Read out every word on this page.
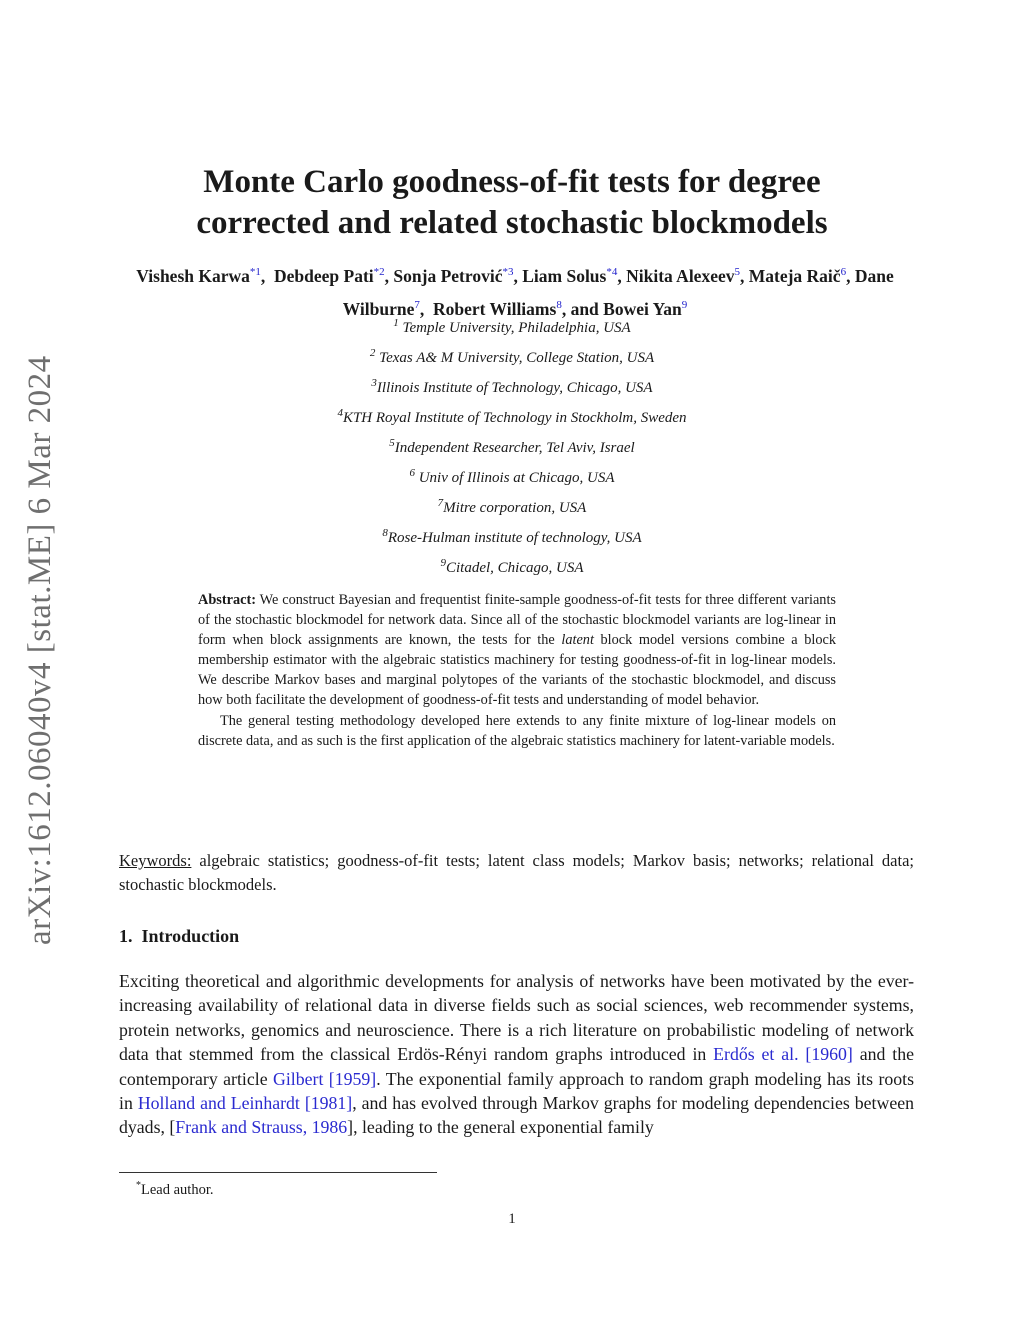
arXiv:1612.06040v4 [stat.ME] 6 Mar 2024
Monte Carlo goodness-of-fit tests for degree
corrected and related stochastic blockmodels
Vishesh Karwa$^{*1}$,  Debdeep Pati$^{*2}$, Sonja Petrović$^{*3}$, Liam Solus$^{*4}$, Nikita Alexeev$^5$, Mateja Raič$^6$, Dane Wilburne$^7$,  Robert Williams$^8$, and Bowei Yan$^9$
$^1$ Temple University, Philadelphia, USA
$^2$ Texas A& M University, College Station, USA
$^3$Illinois Institute of Technology, Chicago, USA
$^4$KTH Royal Institute of Technology in Stockholm, Sweden
$^5$Independent Researcher, Tel Aviv, Israel
$^6$ Univ of Illinois at Chicago, USA
$^7$Mitre corporation, USA
$^8$Rose-Hulman institute of technology, USA
$^9$Citadel, Chicago, USA

Abstract: We construct Bayesian and frequentist finite-sample goodness-of-fit tests for three different variants of the stochastic blockmodel for network data. Since all of the stochastic blockmodel variants are log-linear in form when block assignments are known, the tests for the latent block model versions combine a block membership estimator with the algebraic statistics machinery for testing goodness-of-fit in log-linear models. We describe Markov bases and marginal polytopes of the variants of the stochastic blockmodel, and discuss how both facilitate the development of goodness-of-fit tests and understanding of model behavior.

The general testing methodology developed here extends to any finite mixture of log-linear models on discrete data, and as such is the first application of the algebraic statistics machinery for latent-variable models.

Keywords: algebraic statistics; goodness-of-fit tests; latent class models; Markov basis; networks; relational data; stochastic blockmodels.
1. Introduction

Exciting theoretical and algorithmic developments for analysis of networks have been motivated by the ever-increasing availability of relational data in diverse fields such as social sciences, web recommender systems, protein networks, genomics and neuroscience. There is a rich literature on probabilistic modeling of network data that stemmed from the classical Erdös-Rényi random graphs introduced in Erdős et al. [1960] and the contemporary article Gilbert [1959]. The exponential family approach to random graph modeling has its roots in Holland and Leinhardt [1981], and has evolved through Markov graphs for modeling dependencies between dyads, [Frank and Strauss, 1986], leading to the general exponential family

*Lead author.
1
